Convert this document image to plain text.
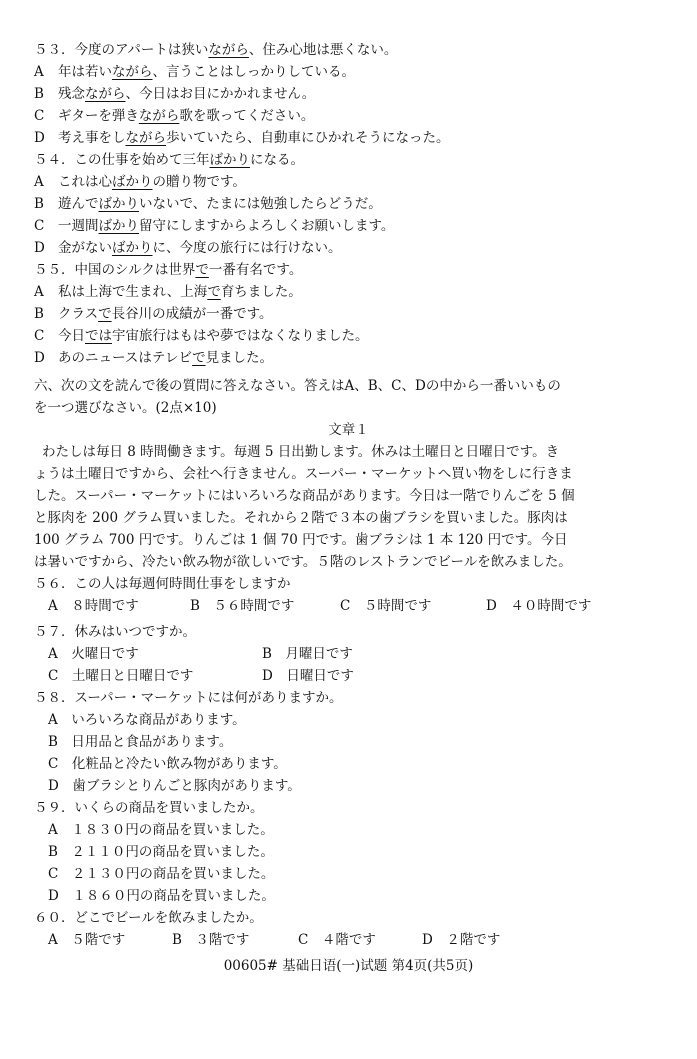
５３．今度のアパートは狭いながら、住み心地は悪くない。
A 年は若いながら、言うことはしっかりしている。
B 残念ながら、今日はお目にかかれません。
C ギターを弾きながら歌を歌ってください。
D 考え事をしながら歩いていたら、自動車にひかれそうになった。
５４．この仕事を始めて三年ばかりになる。
A これは心ばかりの贈り物です。
B 遊んでばかりいないで、たまには勉強したらどうだ。
C 一週間ばかり留守にしますからよろしくお願いします。
D 金がないばかりに、今度の旅行には行けない。
５５．中国のシルクは世界で一番有名です。
A 私は上海で生まれ、上海で育ちました。
B クラスで長谷川の成績が一番です。
C 今日では宇宙旅行はもはや夢ではなくなりました。
D あのニュースはテレビで見ました。
六、次の文を読んで後の質問に答えなさい。答えはA、B、C、Dの中から一番いいもの
を一つ選びなさい。(2点×10)
文章１
わたしは毎日 8 時間働きます。毎週 5 日出勤します。休みは土曜日と日曜日です。き
ょうは土曜日ですから、会社へ行きません。スーパー・マーケットへ買い物をしに行きま
した。スーパー・マーケットにはいろいろな商品があります。今日は一階でりんごを 5 個
と豚肉を 200 グラム買いました。それから２階で３本の歯ブラシを買いました。豚肉は
100 グラム 700 円です。りんごは 1 個 70 円です。歯ブラシは 1 本 120 円です。今日
は暑いですから、冷たい飲み物が欲しいです。５階のレストランでビールを飲みました。
５６．この人は毎週何時間仕事をしますか
A　８時間です	B　５６時間です	C　５時間です	D　４０時間です
５７．休みはいつですか。
A　火曜日です	B　月曜日です
C　土曜日と日曜日です	D　日曜日です
５８．スーパー・マーケットには何がありますか。
A　いろいろな商品があります。
B　日用品と食品があります。
C　化粧品と冷たい飲み物があります。
D　歯ブラシとりんごと豚肉があります。
５９．いくらの商品を買いましたか。
A　１８３０円の商品を買いました。
B　２１１０円の商品を買いました。
C　２１３０円の商品を買いました。
D　１８６０円の商品を買いました。
６０．どこでビールを飲みましたか。
A　５階です	B　３階です	C　４階です	D　２階です
00605# 基础日语(一)试题 第4页(共5页)
